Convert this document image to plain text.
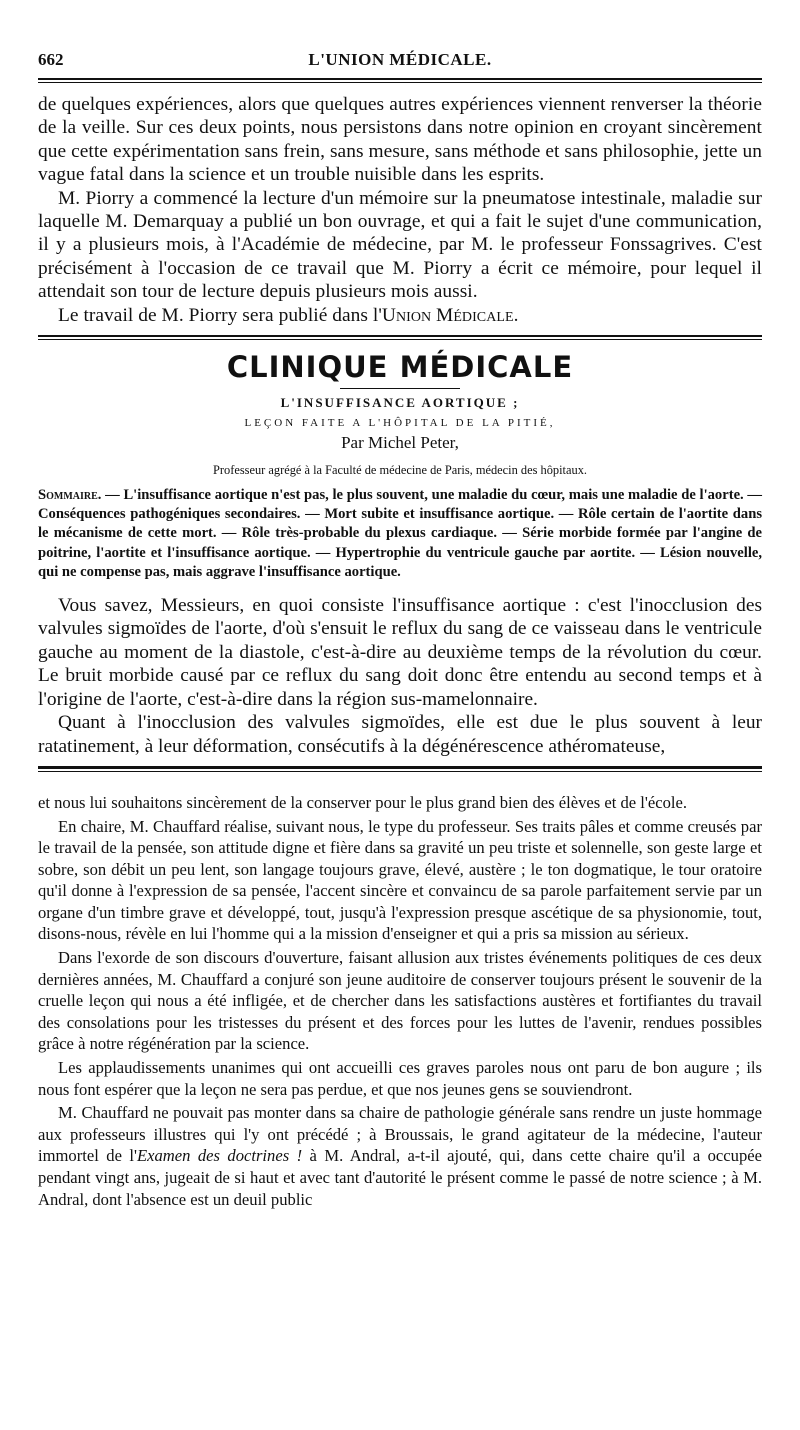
662	L'UNION MÉDICALE.

de quelques expériences, alors que quelques autres expériences viennent renverser la théorie de la veille. Sur ces deux points, nous persistons dans notre opinion en croyant sincèrement que cette expérimentation sans frein, sans mesure, sans méthode et sans philosophie, jette un vague fatal dans la science et un trouble nuisible dans les esprits.

M. Piorry a commencé la lecture d'un mémoire sur la pneumatose intestinale, maladie sur laquelle M. Demarquay a publié un bon ouvrage, et qui a fait le sujet d'une communication, il y a plusieurs mois, à l'Académie de médecine, par M. le professeur Fonssagrives. C'est précisément à l'occasion de ce travail que M. Piorry a écrit ce mémoire, pour lequel il attendait son tour de lecture depuis plusieurs mois aussi.

Le travail de M. Piorry sera publié dans l'Union Médicale.

CLINIQUE MÉDICALE
L'INSUFFISANCE AORTIQUE ;
LEÇON FAITE A L'HÔPITAL DE LA PITIÉ,
Par Michel Peter,
Professeur agrégé à la Faculté de médecine de Paris, médecin des hôpitaux.
Sommaire. — L'insuffisance aortique n'est pas, le plus souvent, une maladie du cœur, mais une maladie de l'aorte. — Conséquences pathogéniques secondaires. — Mort subite et insuffisance aortique. — Rôle certain de l'aortite dans le mécanisme de cette mort. — Rôle très-probable du plexus cardiaque. — Série morbide formée par l'angine de poitrine, l'aortite et l'insuffisance aortique. — Hypertrophie du ventricule gauche par aortite. — Lésion nouvelle, qui ne compense pas, mais aggrave l'insuffisance aortique.

Vous savez, Messieurs, en quoi consiste l'insuffisance aortique : c'est l'inocclusion des valvules sigmoïdes de l'aorte, d'où s'ensuit le reflux du sang de ce vaisseau dans le ventricule gauche au moment de la diastole, c'est-à-dire au deuxième temps de la révolution du cœur. Le bruit morbide causé par ce reflux du sang doit donc être entendu au second temps et à l'origine de l'aorte, c'est-à-dire dans la région sus-mamelonnaire.

Quant à l'inocclusion des valvules sigmoïdes, elle est due le plus souvent à leur ratatinement, à leur déformation, consécutifs à la dégénérescence athéromateuse,

et nous lui souhaitons sincèrement de la conserver pour le plus grand bien des élèves et de l'école.

En chaire, M. Chauffard réalise, suivant nous, le type du professeur. Ses traits pâles et comme creusés par le travail de la pensée, son attitude digne et fière dans sa gravité un peu triste et solennelle, son geste large et sobre, son débit un peu lent, son langage toujours grave, élevé, austère ; le ton dogmatique, le tour oratoire qu'il donne à l'expression de sa pensée, l'accent sincère et convaincu de sa parole parfaitement servie par un organe d'un timbre grave et développé, tout, jusqu'à l'expression presque ascétique de sa physionomie, tout, disons-nous, révèle en lui l'homme qui a la mission d'enseigner et qui a pris sa mission au sérieux.

Dans l'exorde de son discours d'ouverture, faisant allusion aux tristes événements politiques de ces deux dernières années, M. Chauffard a conjuré son jeune auditoire de conserver toujours présent le souvenir de la cruelle leçon qui nous a été infligée, et de chercher dans les satisfactions austères et fortifiantes du travail des consolations pour les tristesses du présent et des forces pour les luttes de l'avenir, rendues possibles grâce à notre régénération par la science.

Les applaudissements unanimes qui ont accueilli ces graves paroles nous ont paru de bon augure ; ils nous font espérer que la leçon ne sera pas perdue, et que nos jeunes gens se souviendront.

M. Chauffard ne pouvait pas monter dans sa chaire de pathologie générale sans rendre un juste hommage aux professeurs illustres qui l'y ont précédé ; à Broussais, le grand agitateur de la médecine, l'auteur immortel de l'Examen des doctrines ! à M. Andral, a-t-il ajouté, qui, dans cette chaire qu'il a occupée pendant vingt ans, jugeait de si haut et avec tant d'autorité le présent comme le passé de notre science ; à M. Andral, dont l'absence est un deuil public
